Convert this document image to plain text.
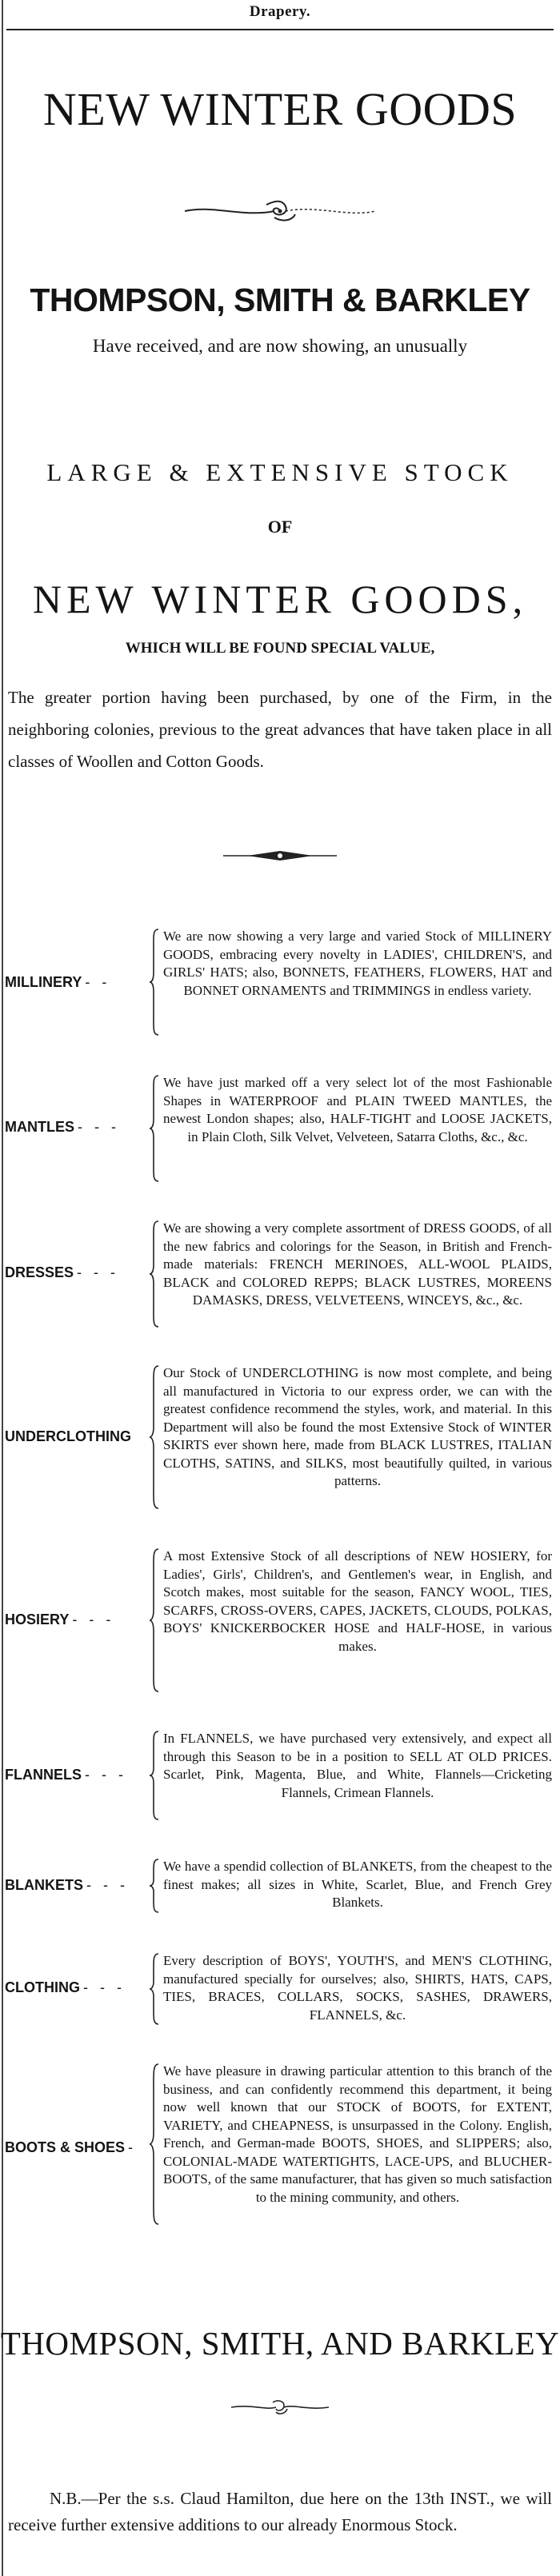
Drapery.
NEW WINTER GOODS
THOMPSON, SMITH & BARKLEY
Have received, and are now showing, an unusually
LARGE & EXTENSIVE STOCK
OF
NEW WINTER GOODS,
WHICH WILL BE FOUND SPECIAL VALUE,
The greater portion having been purchased, by one of the Firm, in the neighboring colonies, previous to the great advances that have taken place in all classes of Woollen and Cotton Goods.
MILLINERY - -
We are now showing a very large and varied Stock of MILLINERY GOODS, embracing every novelty in LADIES', CHILDREN'S, and GIRLS' HATS; also, BONNETS, FEATHERS, FLOWERS, HAT and BONNET ORNAMENTS and TRIMMINGS in endless variety.
MANTLES - - -
We have just marked off a very select lot of the most Fashionable Shapes in WATERPROOF and PLAIN TWEED MANTLES, the newest London shapes; also, HALF-TIGHT and LOOSE JACKETS, in Plain Cloth, Silk Velvet, Velveteen, Satarra Cloths, &c., &c.
DRESSES - - -
We are showing a very complete assortment of DRESS GOODS, of all the new fabrics and colorings for the Season, in British and French-made materials: FRENCH MERINOES, ALL-WOOL PLAIDS, BLACK and COLORED REPPS; BLACK LUSTRES, MOREENS DAMASKS, DRESS, VELVETEENS, WINCEYS, &c., &c.
UNDERCLOTHING
Our Stock of UNDERCLOTHING is now most complete, and being all manufactured in Victoria to our express order, we can with the greatest confidence recommend the styles, work, and material. In this Department will also be found the most Extensive Stock of WINTER SKIRTS ever shown here, made from BLACK LUSTRES, ITALIAN CLOTHS, SATINS, and SILKS, most beautifully quilted, in various patterns.
HOSIERY - - -
A most Extensive Stock of all descriptions of NEW HOSIERY, for Ladies', Girls', Children's, and Gentlemen's wear, in English, and Scotch makes, most suitable for the season, FANCY WOOL, TIES, SCARFS, CROSS-OVERS, CAPES, JACKETS, CLOUDS, POLKAS, BOYS' KNICKERBOCKER HOSE and HALF-HOSE, in various makes.
FLANNELS - - -
In FLANNELS, we have purchased very extensively, and expect all through this Season to be in a position to SELL AT OLD PRICES. Scarlet, Pink, Magenta, Blue, and White, Flannels—Cricketing Flannels, Crimean Flannels.
BLANKETS - - -
We have a spendid collection of BLANKETS, from the cheapest to the finest makes; all sizes in White, Scarlet, Blue, and French Grey Blankets.
CLOTHING - - -
Every description of BOYS', YOUTH'S, and MEN'S CLOTHING, manufactured specially for ourselves; also, SHIRTS, HATS, CAPS, TIES, BRACES, COLLARS, SOCKS, SASHES, DRAWERS, FLANNELS, &c.
BOOTS & SHOES -
We have pleasure in drawing particular attention to this branch of the business, and can confidently recommend this department, it being now well known that our STOCK of BOOTS, for EXTENT, VARIETY, and CHEAPNESS, is unsurpassed in the Colony. English, French, and German-made BOOTS, SHOES, and SLIPPERS; also, COLONIAL-MADE WATERTIGHTS, LACE-UPS, and BLUCHER-BOOTS, of the same manufacturer, that has given so much satisfaction to the mining community, and others.
THOMPSON, SMITH, AND BARKLEY
N.B.—Per the s.s. Claud Hamilton, due here on the 13th INST., we will receive further extensive additions to our already Enormous Stock.
